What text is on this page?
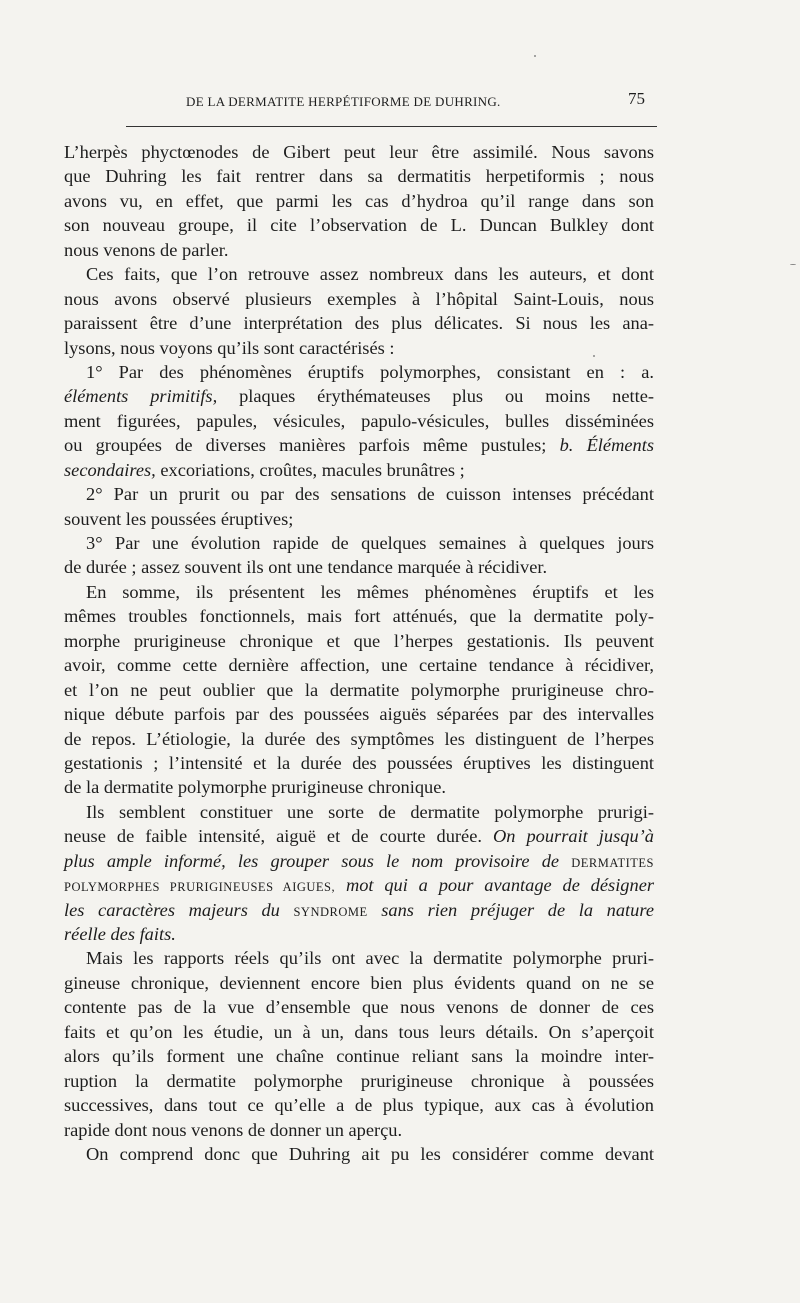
DE LA DERMATITE HERPÉTIFORME DE DUHRING.	75
L’herpès phyctœnodes de Gibert peut leur être assimilé. Nous savons
que Duhring les fait rentrer dans sa dermatitis herpetiformis ; nous
avons vu, en effet, que parmi les cas d’hydroa qu’il range dans son
son nouveau groupe, il cite l’observation de L. Duncan Bulkley dont
nous venons de parler.
Ces faits, que l’on retrouve assez nombreux dans les auteurs, et dont
nous avons observé plusieurs exemples à l’hôpital Saint-Louis, nous
paraissent être d’une interprétation des plus délicates. Si nous les ana-
lysons, nous voyons qu’ils sont caractérisés :
1° Par des phénomènes éruptifs polymorphes, consistant en : a.
éléments primitifs, plaques érythémateuses plus ou moins nette-
ment figurées, papules, vésicules, papulo-vésicules, bulles disséminées
ou groupées de diverses manières parfois même pustules; b. Éléments
secondaires, excoriations, croûtes, macules brunâtres ;
2° Par un prurit ou par des sensations de cuisson intenses précédant
souvent les poussées éruptives;
3° Par une évolution rapide de quelques semaines à quelques jours
de durée ; assez souvent ils ont une tendance marquée à récidiver.
En somme, ils présentent les mêmes phénomènes éruptifs et les
mêmes troubles fonctionnels, mais fort atténués, que la dermatite poly-
morphe prurigineuse chronique et que l’herpes gestationis. Ils peuvent
avoir, comme cette dernière affection, une certaine tendance à récidiver,
et l’on ne peut oublier que la dermatite polymorphe prurigineuse chro-
nique débute parfois par des poussées aiguës séparées par des intervalles
de repos. L’étiologie, la durée des symptômes les distinguent de l’herpes
gestationis ; l’intensité et la durée des poussées éruptives les distinguent
de la dermatite polymorphe prurigineuse chronique.
Ils semblent constituer une sorte de dermatite polymorphe prurigi-
neuse de faible intensité, aiguë et de courte durée. On pourrait jusqu’à
plus ample informé, les grouper sous le nom provisoire de DERMATITES
POLYMORPHES PRURIGINEUSES AIGUES, mot qui a pour avantage de désigner
les caractères majeurs du SYNDROME sans rien préjuger de la nature
réelle des faits.
Mais les rapports réels qu’ils ont avec la dermatite polymorphe pruri-
gineuse chronique, deviennent encore bien plus évidents quand on ne se
contente pas de la vue d’ensemble que nous venons de donner de ces
faits et qu’on les étudie, un à un, dans tous leurs détails. On s’aperçoit
alors qu’ils forment une chaîne continue reliant sans la moindre inter-
ruption la dermatite polymorphe prurigineuse chronique à poussées
successives, dans tout ce qu’elle a de plus typique, aux cas à évolution
rapide dont nous venons de donner un aperçu.
On comprend donc que Duhring ait pu les considérer comme devant
